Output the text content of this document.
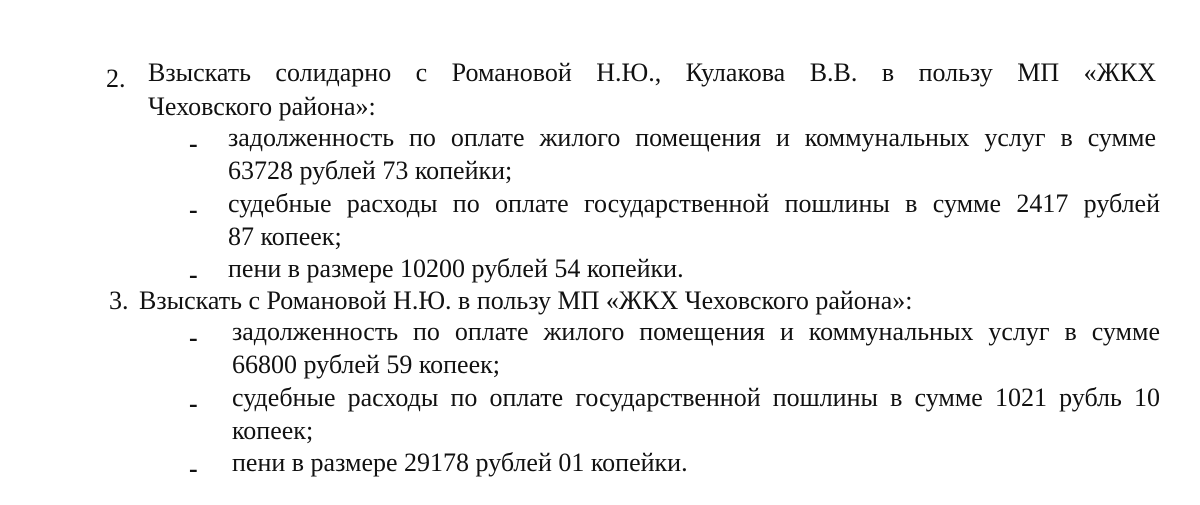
2. Взыскать солидарно с Романовой Н.Ю., Кулакова В.В. в пользу МП «ЖКХ
Чеховского района»:
- задолженность по оплате жилого помещения и коммунальных услуг в сумме
63728 рублей 73 копейки;
- судебные расходы по оплате государственной пошлины в сумме 2417 рублей
87 копеек;
- пени в размере 10200 рублей 54 копейки.
3. Взыскать с Романовой Н.Ю. в пользу МП «ЖКХ Чеховского района»:
- задолженность по оплате жилого помещения и коммунальных услуг в сумме
66800 рублей 59 копеек;
- судебные расходы по оплате государственной пошлины в сумме 1021 рубль 10
копеек;
- пени в размере 29178 рублей 01 копейки.
